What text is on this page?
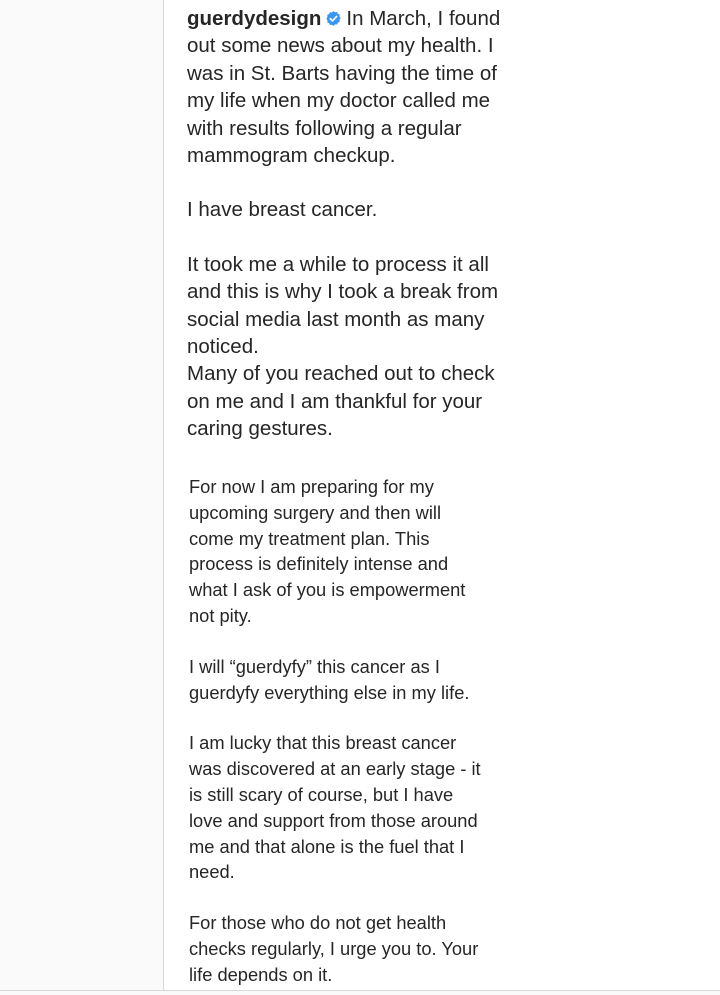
guerdydesign In March, I found
out some news about my health. I
was in St. Barts having the time of
my life when my doctor called me
with results following a regular
mammogram checkup.
I have breast cancer.
It took me a while to process it all
and this is why I took a break from
social media last month as many
noticed.
Many of you reached out to check
on me and I am thankful for your
caring gestures.
For now I am preparing for my
upcoming surgery and then will
come my treatment plan. This
process is definitely intense and
what I ask of you is empowerment
not pity.
I will “guerdyfy” this cancer as I
guerdyfy everything else in my life.
I am lucky that this breast cancer
was discovered at an early stage - it
is still scary of course, but I have
love and support from those around
me and that alone is the fuel that I
need.
For those who do not get health
checks regularly, I urge you to. Your
life depends on it.
